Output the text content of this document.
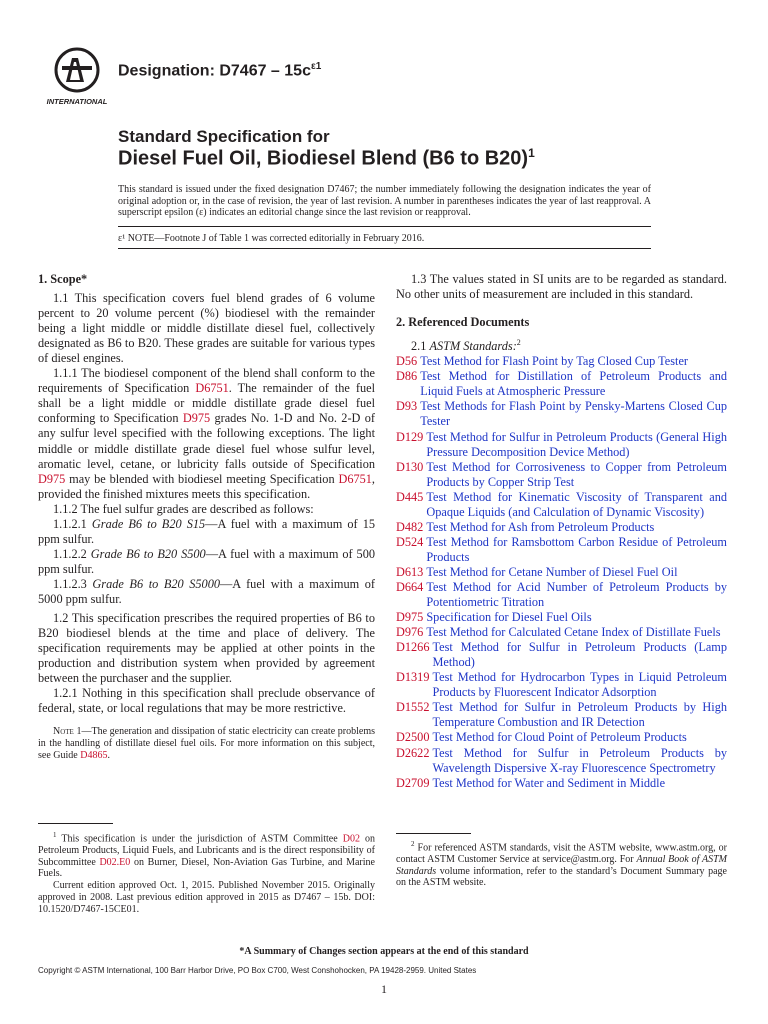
INTERNATIONAL
Designation: $D7467 - 15c^{\varepsilon 1}$
Standard Specification for
Diesel Fuel Oil, Biodiesel Blend (B6 to B20)$^1$
This standard is issued under the fixed designation D7467; the number immediately following the designation indicates the year of original adoption or, in the case of revision, the year of last revision. A number in parentheses indicates the year of last reapproval. A superscript epsilon (ε) indicates an editorial change since the last revision or reapproval.
ε¹ NOTE—Footnote J of Table 1 was corrected editorially in February 2016.

1. Scope*

1.1 This specification covers fuel blend grades of 6 volume percent to 20 volume percent (%) biodiesel with the remainder being a light middle or middle distillate diesel fuel, collectively designated as B6 to B20. These grades are suitable for various types of diesel engines.

1.1.1 The biodiesel component of the blend shall conform to the requirements of Specification D6751. The remainder of the fuel shall be a light middle or middle distillate grade diesel fuel conforming to Specification D975 grades No. 1-D and No. 2-D of any sulfur level specified with the following exceptions. The light middle or middle distillate grade diesel fuel whose sulfur level, aromatic level, cetane, or lubricity falls outside of Specification D975 may be blended with biodiesel meeting Specification D6751, provided the finished mixtures meets this specification.

1.1.2 The fuel sulfur grades are described as follows:

1.1.2.1 Grade B6 to B20 S15—A fuel with a maximum of 15 ppm sulfur.

1.1.2.2 Grade B6 to B20 S500—A fuel with a maximum of 500 ppm sulfur.

1.1.2.3 Grade B6 to B20 S5000—A fuel with a maximum of 5000 ppm sulfur.

1.2 This specification prescribes the required properties of B6 to B20 biodiesel blends at the time and place of delivery. The specification requirements may be applied at other points in the production and distribution system when provided by agreement between the purchaser and the supplier.

1.2.1 Nothing in this specification shall preclude observance of federal, state, or local regulations that may be more restrictive.

Note 1—The generation and dissipation of static electricity can create problems in the handling of distillate diesel fuel oils. For more information on this subject, see Guide D4865.

1.3 The values stated in SI units are to be regarded as standard. No other units of measurement are included in this standard.

2. Referenced Documents

2.1 ASTM Standards:$^2$

D56 Test Method for Flash Point by Tag Closed Cup Tester
D86 Test Method for Distillation of Petroleum Products and Liquid Fuels at Atmospheric Pressure
D93 Test Methods for Flash Point by Pensky-Martens Closed Cup Tester
D129 Test Method for Sulfur in Petroleum Products (General High Pressure Decomposition Device Method)
D130 Test Method for Corrosiveness to Copper from Petroleum Products by Copper Strip Test
D445 Test Method for Kinematic Viscosity of Transparent and Opaque Liquids (and Calculation of Dynamic Viscosity)
D482 Test Method for Ash from Petroleum Products
D524 Test Method for Ramsbottom Carbon Residue of Petroleum Products
D613 Test Method for Cetane Number of Diesel Fuel Oil
D664 Test Method for Acid Number of Petroleum Products by Potentiometric Titration
D975 Specification for Diesel Fuel Oils
D976 Test Method for Calculated Cetane Index of Distillate Fuels
D1266 Test Method for Sulfur in Petroleum Products (Lamp Method)
D1319 Test Method for Hydrocarbon Types in Liquid Petroleum Products by Fluorescent Indicator Adsorption
D1552 Test Method for Sulfur in Petroleum Products by High Temperature Combustion and IR Detection
D2500 Test Method for Cloud Point of Petroleum Products
D2622 Test Method for Sulfur in Petroleum Products by Wavelength Dispersive X-ray Fluorescence Spectrometry
D2709 Test Method for Water and Sediment in Middle

$^1$ This specification is under the jurisdiction of ASTM Committee D02 on Petroleum Products, Liquid Fuels, and Lubricants and is the direct responsibility of Subcommittee D02.E0 on Burner, Diesel, Non-Aviation Gas Turbine, and Marine Fuels.

Current edition approved Oct. 1, 2015. Published November 2015. Originally approved in 2008. Last previous edition approved in 2015 as D7467 – 15b. DOI: 10.1520/D7467-15CE01.

$^2$ For referenced ASTM standards, visit the ASTM website, www.astm.org, or contact ASTM Customer Service at service@astm.org. For Annual Book of ASTM Standards volume information, refer to the standard’s Document Summary page on the ASTM website.

*A Summary of Changes section appears at the end of this standard
Copyright © ASTM International, 100 Barr Harbor Drive, PO Box C700, West Conshohocken, PA 19428-2959. United States
1
